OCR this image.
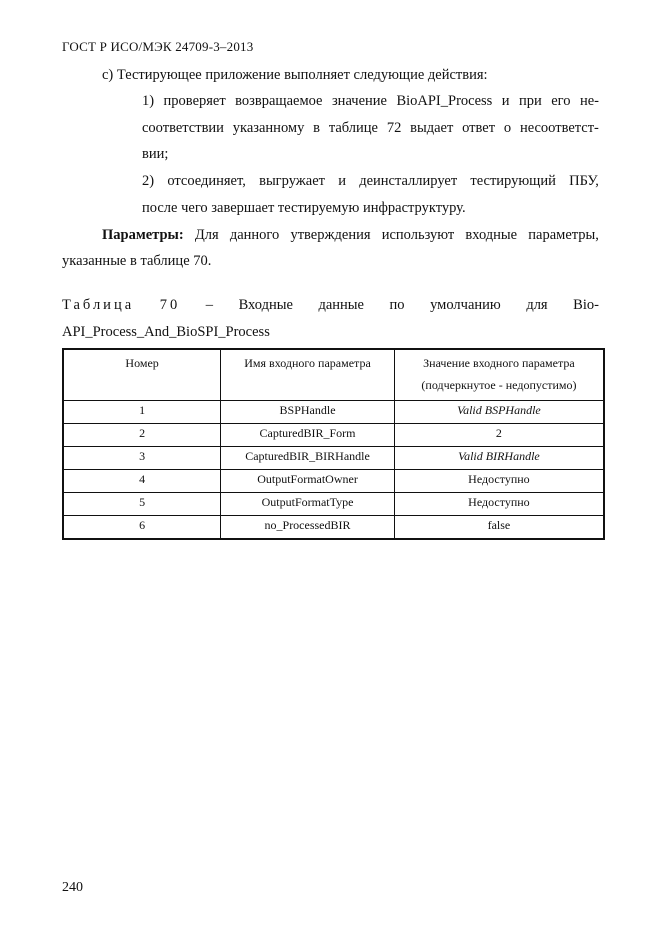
ГОСТ Р ИСО/МЭК 24709-3–2013
с) Тестирующее приложение выполняет следующие действия:
1) проверяет возвращаемое значение BioAPI_Process и при его не-
соответствии указанному в таблице 72 выдает ответ о несоответст-
вии;
2) отсоединяет, выгружает и деинсталлирует тестирующий ПБУ,
после чего завершает тестируемую инфраструктуру.
Параметры: Для данного утверждения используют входные параметры,
указанные в таблице 70.
Таблица 70 – Входные данные по умолчанию для Bio-
API_Process_And_BioSPI_Process
Номер	Имя входного параметра	Значение входного параметра
(подчеркнутое - недопустимо)

1	BSPHandle	Valid BSPHandle
2	CapturedBIR_Form	2
3	CapturedBIR_BIRHandle	Valid BIRHandle
4	OutputFormatOwner	Недоступно
5	OutputFormatType	Недоступно
6	no_ProcessedBIR	false
240
